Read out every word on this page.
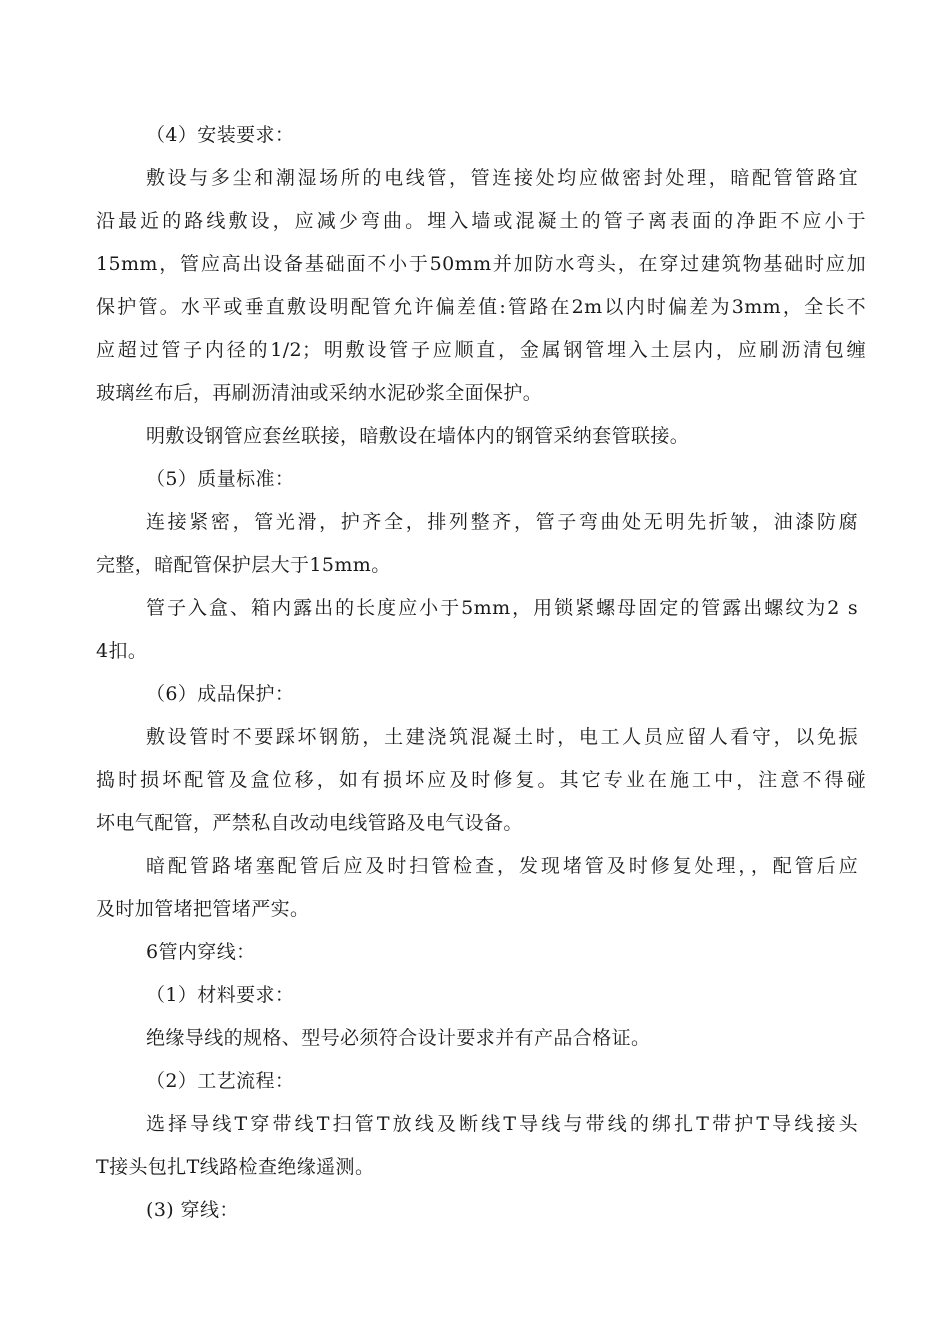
（4）安装要求：
敷设与多尘和潮湿场所的电线管，管连接处均应做密封处理，暗配管管路宜
沿最近的路线敷设，应减少弯曲。埋入墙或混凝土的管子离表面的净距不应小于
15mm，管应高出设备基础面不小于50mm并加防水弯头，在穿过建筑物基础时应加
保护管。水平或垂直敷设明配管允许偏差值:管路在2m以内时偏差为3mm，全长不
应超过管子内径的1/2；明敷设管子应顺直，金属钢管埋入土层内，应刷沥清包缠
玻璃丝布后，再刷沥清油或采纳水泥砂浆全面保护。
明敷设钢管应套丝联接，暗敷设在墙体内的钢管采纳套管联接。
（5）质量标准：
连接紧密，管光滑，护齐全，排列整齐，管子弯曲处无明先折皱，油漆防腐
完整，暗配管保护层大于15mm。
管子入盒、箱内露出的长度应小于5mm，用锁紧螺母固定的管露出螺纹为2 s
4扣。
（6）成品保护：
敷设管时不要踩坏钢筋，土建浇筑混凝土时，电工人员应留人看守，以免振
捣时损坏配管及盒位移，如有损坏应及时修复。其它专业在施工中，注意不得碰
坏电气配管，严禁私自改动电线管路及电气设备。
暗配管路堵塞配管后应及时扫管检查，发现堵管及时修复处理，，配管后应
及时加管堵把管堵严实。
6管内穿线：
（1）材料要求：
绝缘导线的规格、型号必须符合设计要求并有产品合格证。
（2）工艺流程：
选择导线T穿带线T扫管T放线及断线T导线与带线的绑扎T带护T导线接头
T接头包扎T线路检查绝缘遥测。
(3) 穿线：
